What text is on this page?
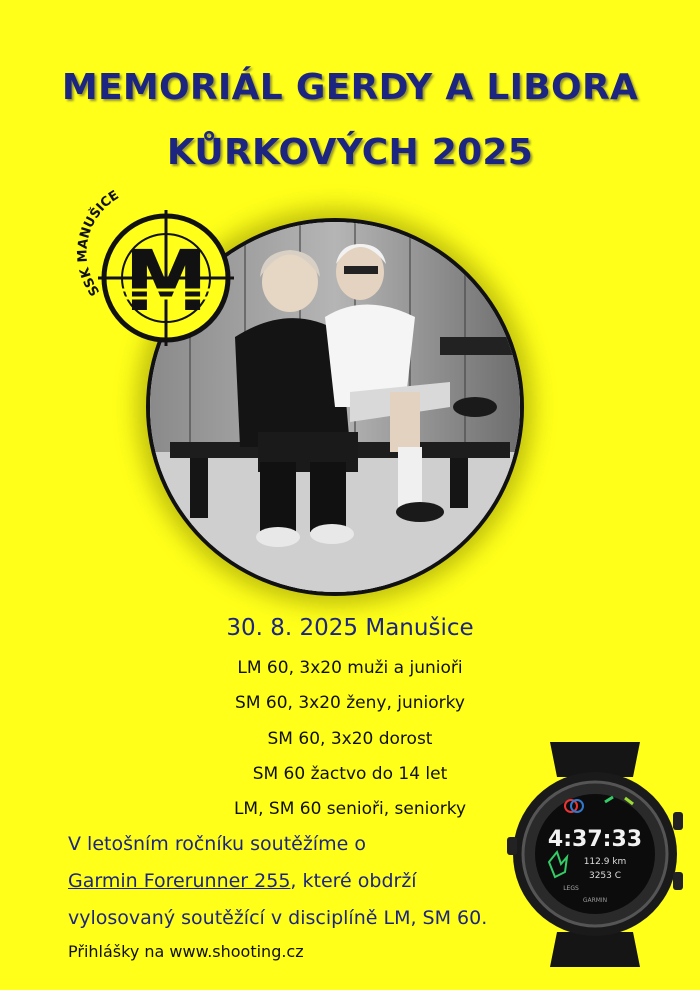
MEMORIÁL GERDY A LIBORA
KŮRKOVÝCH 2025
M
SSK MANUŠICE
30. 8. 2025 Manušice
LM 60, 3x20 muži a junioři
SM 60, 3x20 ženy, juniorky
SM 60, 3x20 dorost
SM 60 žactvo do 14 let
LM, SM 60 senioři, seniorky
V letošním ročníku soutěžíme o
Garmin Forerunner 255, které obdrží
vylosovaný soutěžící v disciplíně LM, SM 60.
Přihlášky na www.shooting.cz
4:37:33
112.9 km
3253 C
LEGS
GARMIN
